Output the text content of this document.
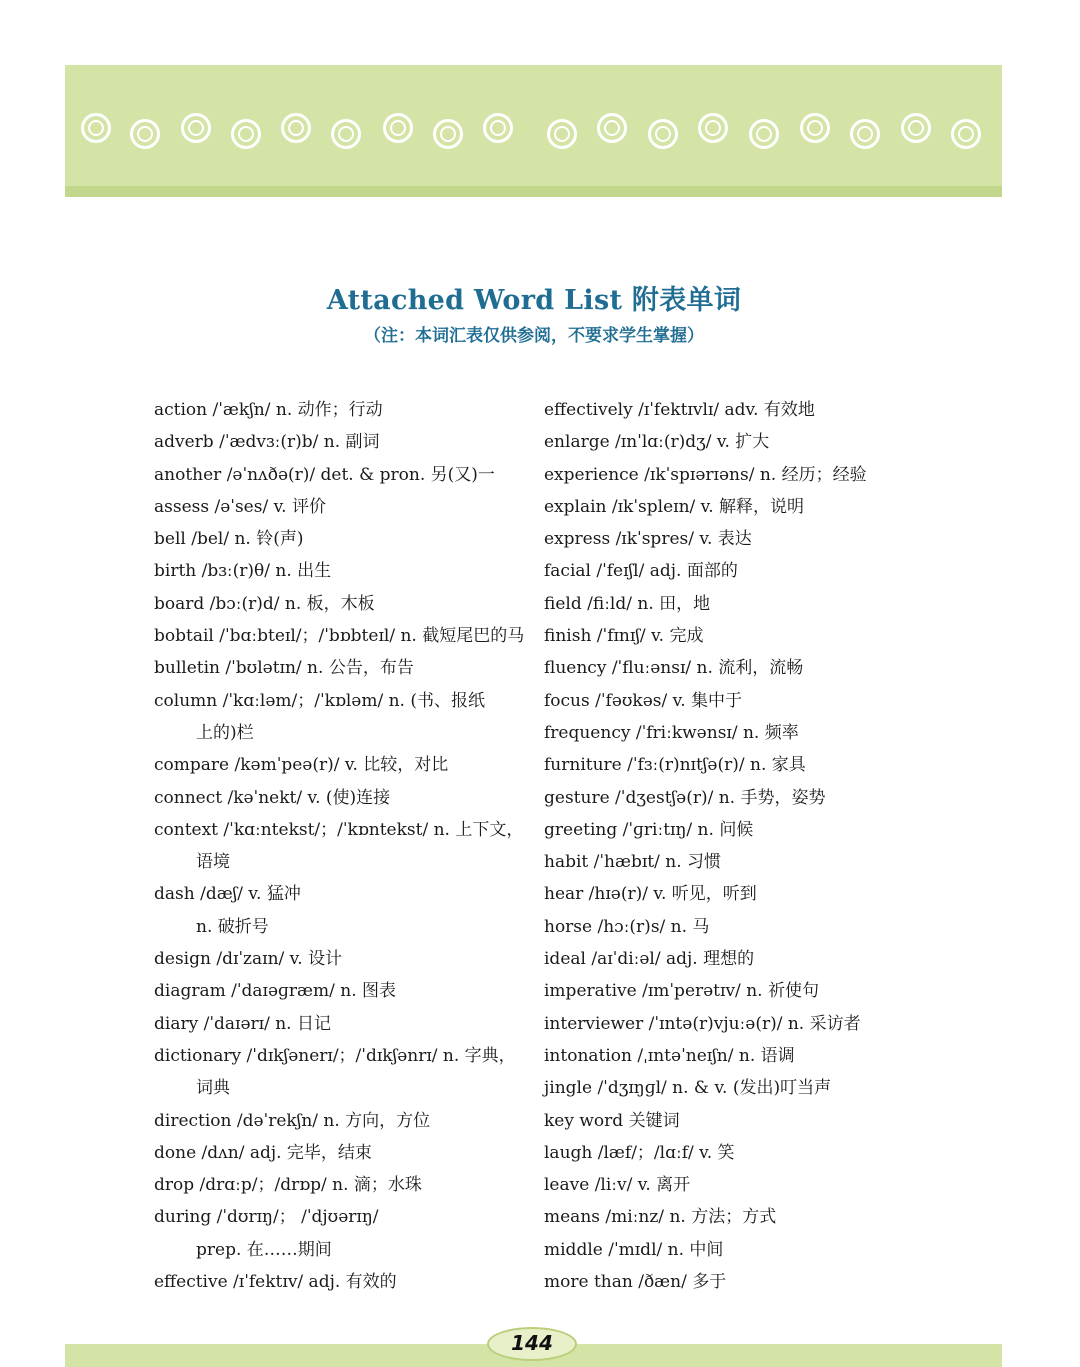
Attached Word List 附表单词
（注：本词汇表仅供参阅，不要求学生掌握）
action /ˈækʃn/ n. 动作；行动
adverb /ˈædvɜː(r)b/ n. 副词
another /əˈnʌðə(r)/ det. & pron. 另(又)一
assess /əˈses/ v. 评价
bell /bel/ n. 铃(声)
birth /bɜː(r)θ/ n. 出生
board /bɔː(r)d/ n. 板，木板
bobtail /ˈbɑːbteɪl/；/ˈbɒbteɪl/ n. 截短尾巴的马
bulletin /ˈbʊlətɪn/ n. 公告，布告
column /ˈkɑːləm/；/ˈkɒləm/ n. (书、报纸
上的)栏
compare /kəmˈpeə(r)/ v. 比较，对比
connect /kəˈnekt/ v. (使)连接
context /ˈkɑːntekst/；/ˈkɒntekst/ n. 上下文，
语境
dash /dæʃ/ v. 猛冲
n. 破折号
design /dɪˈzaɪn/ v. 设计
diagram /ˈdaɪəɡræm/ n. 图表
diary /ˈdaɪərɪ/ n. 日记
dictionary /ˈdɪkʃənerɪ/；/ˈdɪkʃənrɪ/ n. 字典，
词典
direction /dəˈrekʃn/ n. 方向，方位
done /dʌn/ adj. 完毕，结束
drop /drɑːp/；/drɒp/ n. 滴；水珠
during /ˈdʊrɪŋ/； /ˈdjʊərɪŋ/
prep. 在……期间
effective /ɪˈfektɪv/ adj. 有效的
effectively /ɪˈfektɪvlɪ/ adv. 有效地
enlarge /ɪnˈlɑː(r)dʒ/ v. 扩大
experience /ɪkˈspɪərɪəns/ n. 经历；经验
explain /ɪkˈspleɪn/ v. 解释，说明
express /ɪkˈspres/ v. 表达
facial /ˈfeɪʃl/ adj. 面部的
field /fiːld/ n. 田，地
finish /ˈfɪnɪʃ/ v. 完成
fluency /ˈfluːənsɪ/ n. 流利，流畅
focus /ˈfəʊkəs/ v. 集中于
frequency /ˈfriːkwənsɪ/ n. 频率
furniture /ˈfɜː(r)nɪtʃə(r)/ n. 家具
gesture /ˈdʒestʃə(r)/ n. 手势，姿势
greeting /ˈɡriːtɪŋ/ n. 问候
habit /ˈhæbɪt/ n. 习惯
hear /hɪə(r)/ v. 听见，听到
horse /hɔː(r)s/ n. 马
ideal /aɪˈdiːəl/ adj. 理想的
imperative /ɪmˈperətɪv/ n. 祈使句
interviewer /ˈɪntə(r)vjuːə(r)/ n. 采访者
intonation /ˌɪntəˈneɪʃn/ n. 语调
jingle /ˈdʒɪŋɡl/ n. & v. (发出)叮当声
key word 关键词
laugh /læf/；/lɑːf/ v. 笑
leave /liːv/ v. 离开
means /miːnz/ n. 方法；方式
middle /ˈmɪdl/ n. 中间
more than /ðæn/ 多于
144
